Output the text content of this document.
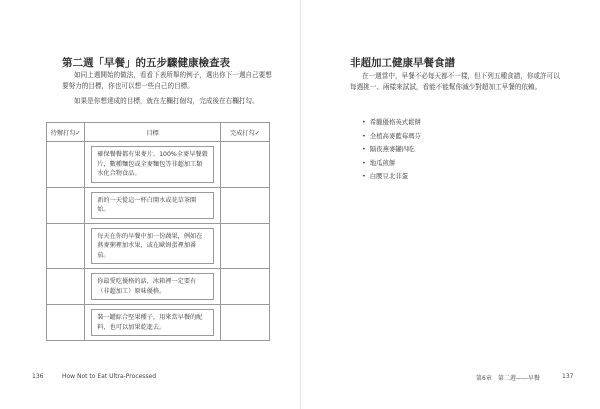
第二週「早餐」的五步驟健康檢查表

如同上週開始的做法，看看下表所舉的例子，選出你下一週自己要想要努力的目標，你也可以想一些自己的目標。

如果是你想達成的目標，就在左欄打個勾，完成後在右欄打勾。

待辦打勾✓	目標	完成打勾✓

	確保餐餐都有果麥片、100%全麥早餐穀片，數種麵包或全麥麵包等非超加工類水化合物食品。	

	新的一天從這一杯白開水或花草茶開始。	

	每天在你的早餐中加一份蔬果，例如在燕麥粥裡加水果，或在歐姆蛋裡加番茄。	

	你最愛吃優格的話，冰箱裡一定要有（非超加工）原味優格。	

	裝一罐綜合堅果種子，用來當早餐的配料，也可以加果乾進去。	

136	How Not to Eat Ultra-Processed
非超加工健康早餐食譜

在一週當中，早餐不必每天都不一樣，但下列五種食譜，你或許可以每週挑一、兩樣來試試，看能不能幫你減少對超加工早餐的依賴。

• 希臘優格英式鬆餅
• 全植高麥藍莓瑪芬
• 隔夜燕麥罐四吃
• 地瓜煎餅
• 白腰豆北非蛋
第6章　第二週——早餐	137
